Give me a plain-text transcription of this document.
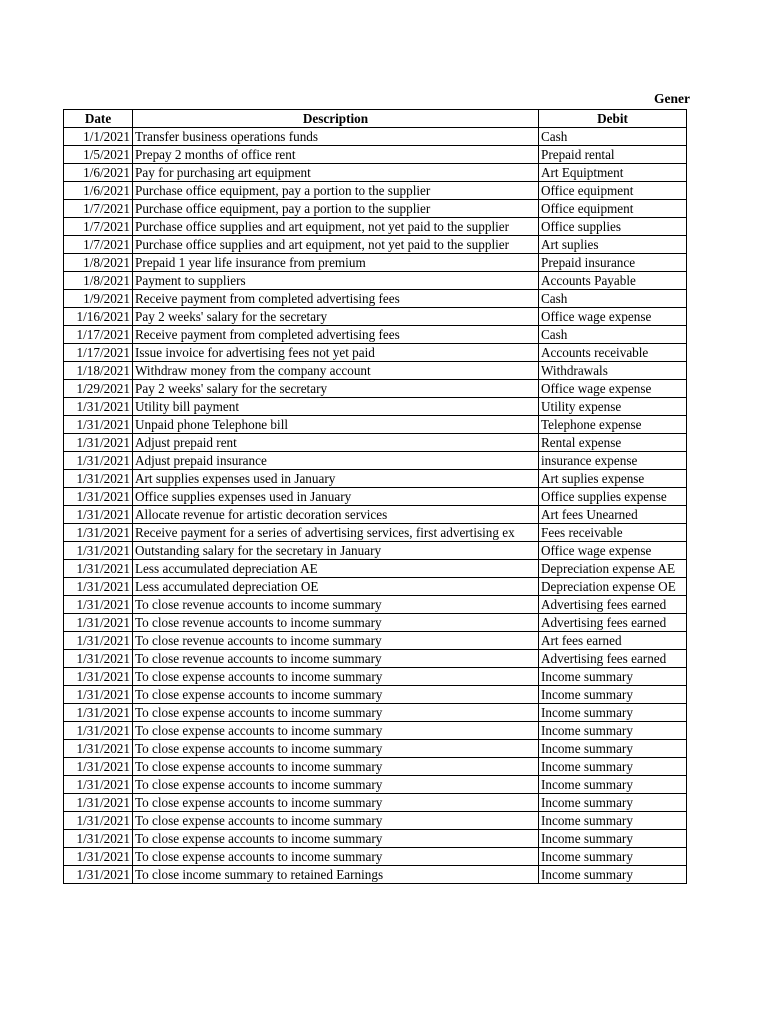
Gener
Date	Description	Debit
1/1/2021	Transfer business operations funds	Cash
1/5/2021	Prepay 2 months of office rent	Prepaid rental
1/6/2021	Pay for purchasing art equipment	Art Equiptment
1/6/2021	Purchase office equipment, pay a portion to the supplier	Office equipment
1/7/2021	Purchase office equipment, pay a portion to the supplier	Office equipment
1/7/2021	Purchase office supplies and art equipment, not yet paid to the supplier	Office supplies
1/7/2021	Purchase office supplies and art equipment, not yet paid to the supplier	Art suplies
1/8/2021	Prepaid 1 year life insurance from premium	Prepaid insurance
1/8/2021	Payment to suppliers	Accounts Payable
1/9/2021	Receive payment from completed advertising fees	Cash
1/16/2021	Pay 2 weeks' salary for the secretary	Office wage expense
1/17/2021	Receive payment from completed advertising fees	Cash
1/17/2021	Issue invoice for advertising fees not yet paid	Accounts receivable
1/18/2021	Withdraw money from the company account	Withdrawals
1/29/2021	Pay 2 weeks' salary for the secretary	Office wage expense
1/31/2021	Utility bill payment	Utility expense
1/31/2021	Unpaid phone Telephone bill	Telephone expense
1/31/2021	Adjust prepaid rent	Rental expense
1/31/2021	Adjust prepaid insurance	insurance expense
1/31/2021	Art supplies expenses used in January	Art suplies expense
1/31/2021	Office supplies expenses used in January	Office supplies expense
1/31/2021	Allocate revenue for artistic decoration services	Art fees Unearned
1/31/2021	Receive payment for a series of advertising services, first advertising ex	Fees receivable
1/31/2021	Outstanding salary for the secretary in January	Office wage expense
1/31/2021	Less accumulated depreciation AE	Depreciation expense AE
1/31/2021	Less accumulated depreciation OE	Depreciation expense OE
1/31/2021	To close revenue accounts to income summary	Advertising fees earned
1/31/2021	To close revenue accounts to income summary	Advertising fees earned
1/31/2021	To close revenue accounts to income summary	Art fees earned
1/31/2021	To close revenue accounts to income summary	Advertising fees earned
1/31/2021	To close expense accounts to income summary	Income summary
1/31/2021	To close expense accounts to income summary	Income summary
1/31/2021	To close expense accounts to income summary	Income summary
1/31/2021	To close expense accounts to income summary	Income summary
1/31/2021	To close expense accounts to income summary	Income summary
1/31/2021	To close expense accounts to income summary	Income summary
1/31/2021	To close expense accounts to income summary	Income summary
1/31/2021	To close expense accounts to income summary	Income summary
1/31/2021	To close expense accounts to income summary	Income summary
1/31/2021	To close expense accounts to income summary	Income summary
1/31/2021	To close expense accounts to income summary	Income summary
1/31/2021	To close income summary to retained Earnings	Income summary
